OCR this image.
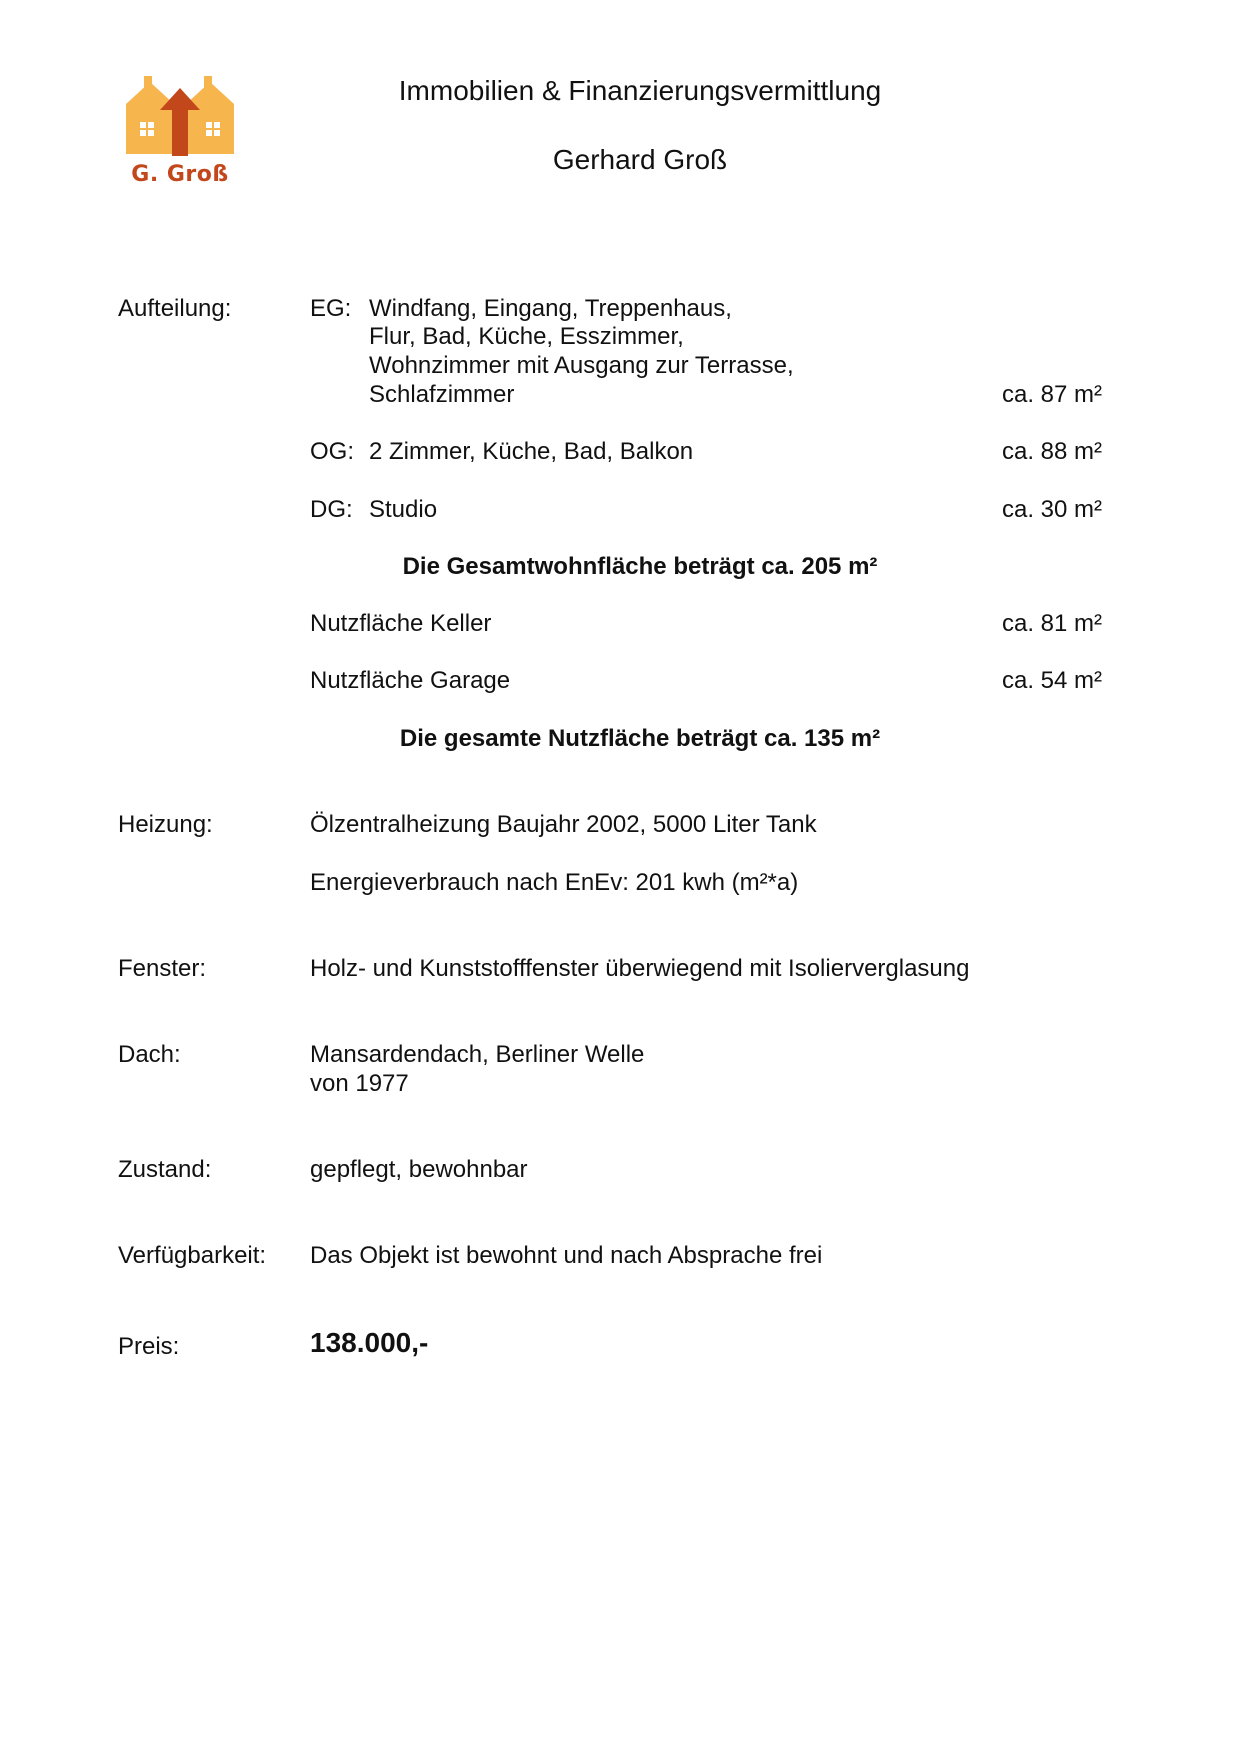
G. Groß
Immobilien & Finanzierungsvermittlung
Gerhard Groß
Aufteilung:	EG: Windfang, Eingang, Treppenhaus,
Flur, Bad, Küche, Esszimmer,
Wohnzimmer mit Ausgang zur Terrasse,
Schlafzimmer	ca. 87 m²
OG: 2 Zimmer, Küche, Bad, Balkon	ca. 88 m²
DG: Studio	ca. 30 m²
Die Gesamtwohnfläche beträgt ca. 205 m²
Nutzfläche Keller	ca. 81 m²
Nutzfläche Garage	ca. 54 m²
Die gesamte Nutzfläche beträgt ca. 135 m²
Heizung:	Ölzentralheizung Baujahr 2002, 5000 Liter Tank
Energieverbrauch nach EnEv: 201 kwh (m²*a)
Fenster:	Holz- und Kunststofffenster überwiegend mit Isolierverglasung
Dach:	Mansardendach, Berliner Welle
von 1977
Zustand:	gepflegt, bewohnbar
Verfügbarkeit: Das Objekt ist bewohnt und nach Absprache frei
Preis:	138.000,-
